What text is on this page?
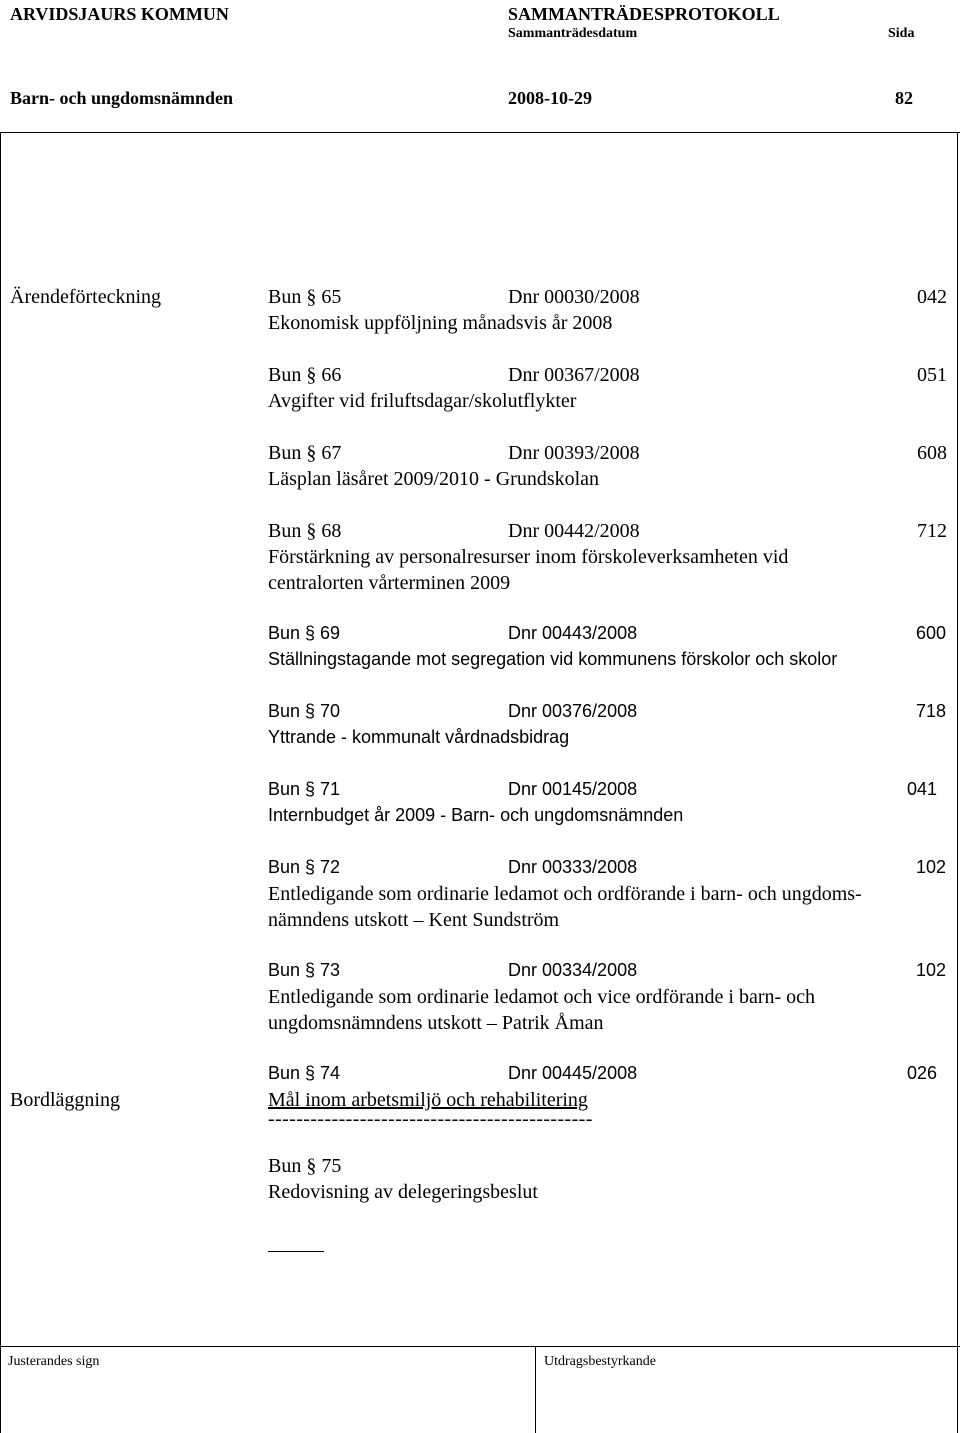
ARVIDSJAURS KOMMUN	SAMMANTRÄDESPROTOKOLL
Sammanträdesdatum	Sida
Barn- och ungdomsnämnden	2008-10-29	82
Ärendeförteckning
Bordläggning
Bun § 65	Dnr 00030/2008	042
Ekonomisk uppföljning månadsvis år 2008
Bun § 66	Dnr 00367/2008	051
Avgifter vid friluftsdagar/skolutflykter
Bun § 67	Dnr 00393/2008	608
Läsplan läsåret 2009/2010 - Grundskolan
Bun § 68	Dnr 00442/2008	712
Förstärkning av personalresurser inom förskoleverksamheten vid
centralorten vårterminen 2009
Bun § 69	Dnr 00443/2008	600
Ställningstagande mot segregation vid kommunens förskolor och skolor
Bun § 70	Dnr 00376/2008	718
Yttrande - kommunalt vårdnadsbidrag
Bun § 71	Dnr 00145/2008	041
Internbudget år 2009 - Barn- och ungdomsnämnden
Bun § 72	Dnr 00333/2008	102
Entledigande som ordinarie ledamot och ordförande i barn- och ungdoms-
nämndens utskott – Kent Sundström
Bun § 73	Dnr 00334/2008	102
Entledigande som ordinarie ledamot och vice ordförande i barn- och
ungdomsnämndens utskott – Patrik Åman
Bun § 74	Dnr 00445/2008	026
Mål inom arbetsmiljö och rehabilitering
----------------------------------------------
Bun § 75
Redovisning av delegeringsbeslut
Justerandes sign	Utdragsbestyrkande
